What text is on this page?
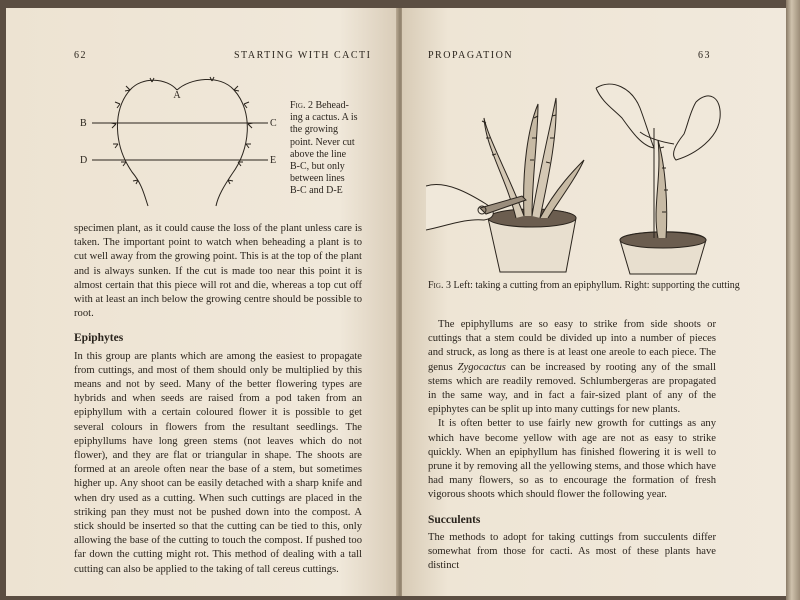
62	STARTING WITH CACTI
A
B	C
D	E
Fig. 2 Behead-
ing a cactus. A is
the growing
point. Never cut
above the line
B-C, but only
between lines
B-C and D-E

specimen plant, as it could cause the loss of the plant unless care is taken. The important point to watch when beheading a plant is to cut well away from the growing point. This is at the top of the plant and is always sunken. If the cut is made too near this point it is almost certain that this piece will rot and die, whereas a top cut off with at least an inch below the growing centre should be possible to root.

Epiphytes

In this group are plants which are among the easiest to propagate from cuttings, and most of them should only be multiplied by this means and not by seed. Many of the better flowering types are hybrids and when seeds are raised from a pod taken from an epiphyllum with a certain coloured flower it is possible to get several colours in flowers from the resultant seedlings. The epiphyllums have long green stems (not leaves which do not flower), and they are flat or triangular in shape. The shoots are formed at an areole often near the base of a stem, but sometimes higher up. Any shoot can be easily detached with a sharp knife and when dry used as a cutting. When such cuttings are placed in the striking pan they must not be pushed down into the compost. A stick should be inserted so that the cutting can be tied to this, only allowing the base of the cutting to touch the compost. If pushed too far down the cutting might rot. This method of dealing with a tall cutting can also be applied to the taking of tall cereus cuttings.

PROPAGATION	63
Fig. 3 Left: taking a cutting from an epiphyllum. Right: supporting the cutting

The epiphyllums are so easy to strike from side shoots or cuttings that a stem could be divided up into a number of pieces and struck, as long as there is at least one areole to each piece. The genus Zygocactus can be increased by rooting any of the small stems which are readily removed. Schlumbergeras are propagated in the same way, and in fact a fair-sized plant of any of the epiphytes can be split up into many cuttings for new plants.

It is often better to use fairly new growth for cuttings as any which have become yellow with age are not as easy to strike quickly. When an epiphyllum has finished flowering it is well to prune it by removing all the yellowing stems, and those which have had many flowers, so as to encourage the formation of fresh vigorous shoots which should flower the following year.

Succulents

The methods to adopt for taking cuttings from succulents differ somewhat from those for cacti. As most of these plants have distinct
